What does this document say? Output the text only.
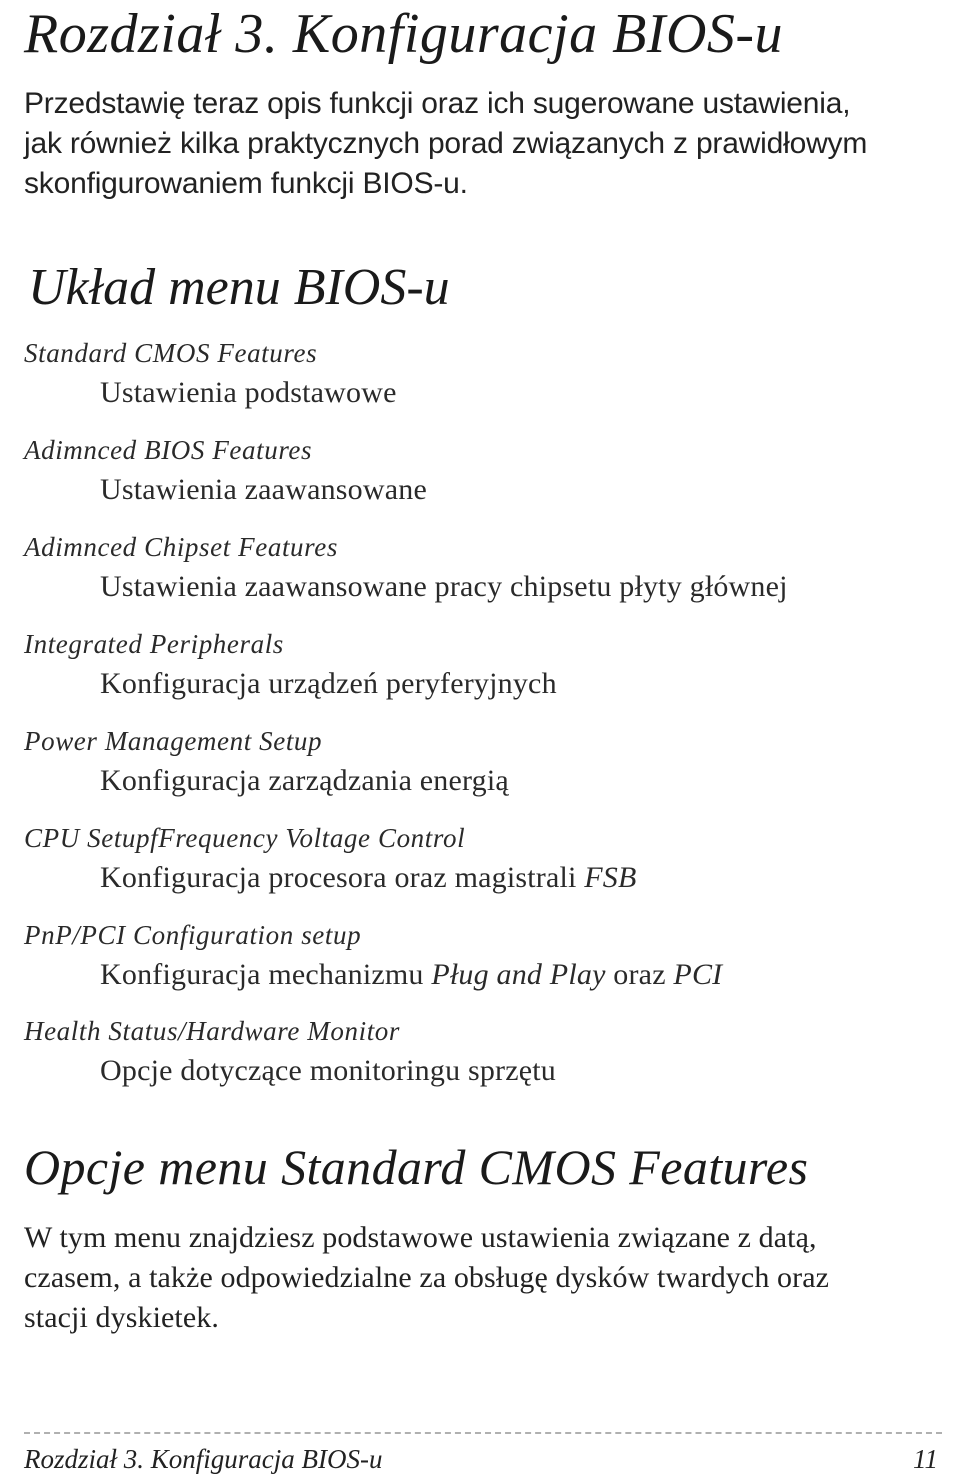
Rozdział 3. Konfiguracja BIOS-u
Przedstawię teraz opis funkcji oraz ich sugerowane ustawienia,
jak również kilka praktycznych porad związanych z prawidłowym
skonfigurowaniem funkcji BIOS-u.
Układ menu BIOS-u
Standard CMOS Features
Ustawienia podstawowe
Adimnced BIOS Features
Ustawienia zaawansowane
Adimnced Chipset Features
Ustawienia zaawansowane pracy chipsetu płyty głównej
Integrated Peripherals
Konfiguracja urządzeń peryferyjnych
Power Management Setup
Konfiguracja zarządzania energią
CPU SetupfFrequency Voltage Control
Konfiguracja procesora oraz magistrali FSB
PnP/PCI Configuration setup
Konfiguracja mechanizmu Pług and Play oraz PCI
Health Status/Hardware Monitor
Opcje dotyczące monitoringu sprzętu
Opcje menu Standard CMOS Features
W tym menu znajdziesz podstawowe ustawienia związane z datą,
czasem, a także odpowiedzialne za obsługę dysków twardych oraz
stacji dyskietek.
Rozdział 3. Konfiguracja BIOS-u	11
